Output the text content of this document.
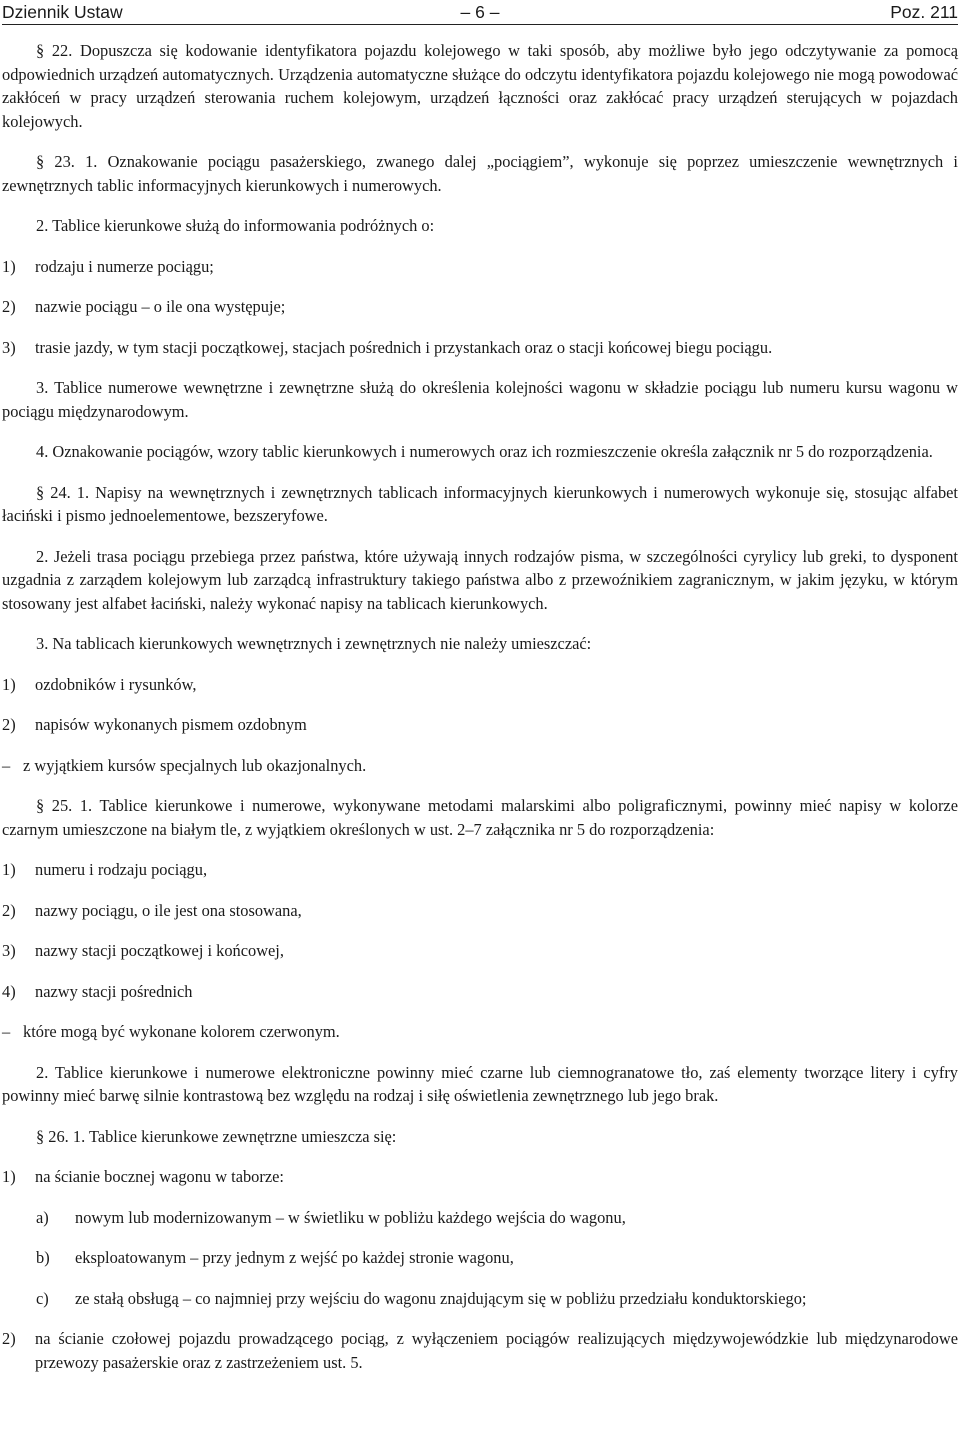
Dziennik Ustaw	– 6 –	Poz. 211

§ 22. Dopuszcza się kodowanie identyfikatora pojazdu kolejowego w taki sposób, aby możliwe było jego odczytywanie za pomocą odpowiednich urządzeń automatycznych. Urządzenia automatyczne służące do odczytu identyfikatora pojazdu kolejowego nie mogą powodować zakłóceń w pracy urządzeń sterowania ruchem kolejowym, urządzeń łączności oraz zakłócać pracy urządzeń sterujących w pojazdach kolejowych.

§ 23. 1. Oznakowanie pociągu pasażerskiego, zwanego dalej „pociągiem”, wykonuje się poprzez umieszczenie wewnętrznych i zewnętrznych tablic informacyjnych kierunkowych i numerowych.

2. Tablice kierunkowe służą do informowania podróżnych o:

1) rodzaju i numerze pociągu;
2) nazwie pociągu – o ile ona występuje;
3) trasie jazdy, w tym stacji początkowej, stacjach pośrednich i przystankach oraz o stacji końcowej biegu pociągu.

3. Tablice numerowe wewnętrzne i zewnętrzne służą do określenia kolejności wagonu w składzie pociągu lub numeru kursu wagonu w pociągu międzynarodowym.

4. Oznakowanie pociągów, wzory tablic kierunkowych i numerowych oraz ich rozmieszczenie określa załącznik nr 5 do rozporządzenia.

§ 24. 1. Napisy na wewnętrznych i zewnętrznych tablicach informacyjnych kierunkowych i numerowych wykonuje się, stosując alfabet łaciński i pismo jednoelementowe, bezszeryfowe.

2. Jeżeli trasa pociągu przebiega przez państwa, które używają innych rodzajów pisma, w szczególności cyrylicy lub greki, to dysponent uzgadnia z zarządem kolejowym lub zarządcą infrastruktury takiego państwa albo z przewoźnikiem zagranicznym, w jakim języku, w którym stosowany jest alfabet łaciński, należy wykonać napisy na tablicach kierunkowych.

3. Na tablicach kierunkowych wewnętrznych i zewnętrznych nie należy umieszczać:

1) ozdobników i rysunków,
2) napisów wykonanych pismem ozdobnym
– z wyjątkiem kursów specjalnych lub okazjonalnych.

§ 25. 1. Tablice kierunkowe i numerowe, wykonywane metodami malarskimi albo poligraficznymi, powinny mieć napisy w kolorze czarnym umieszczone na białym tle, z wyjątkiem określonych w ust. 2–7 załącznika nr 5 do rozporządzenia:

1) numeru i rodzaju pociągu,
2) nazwy pociągu, o ile jest ona stosowana,
3) nazwy stacji początkowej i końcowej,
4) nazwy stacji pośrednich
– które mogą być wykonane kolorem czerwonym.

2. Tablice kierunkowe i numerowe elektroniczne powinny mieć czarne lub ciemnogranatowe tło, zaś elementy tworzące litery i cyfry powinny mieć barwę silnie kontrastową bez względu na rodzaj i siłę oświetlenia zewnętrznego lub jego brak.

§ 26. 1. Tablice kierunkowe zewnętrzne umieszcza się:

1) na ścianie bocznej wagonu w taborze:
a) nowym lub modernizowanym – w świetliku w pobliżu każdego wejścia do wagonu,
b) eksploatowanym – przy jednym z wejść po każdej stronie wagonu,
c) ze stałą obsługą – co najmniej przy wejściu do wagonu znajdującym się w pobliżu przedziału konduktorskiego;
2) na ścianie czołowej pojazdu prowadzącego pociąg, z wyłączeniem pociągów realizujących międzywojewódzkie lub międzynarodowe przewozy pasażerskie oraz z zastrzeżeniem ust. 5.
